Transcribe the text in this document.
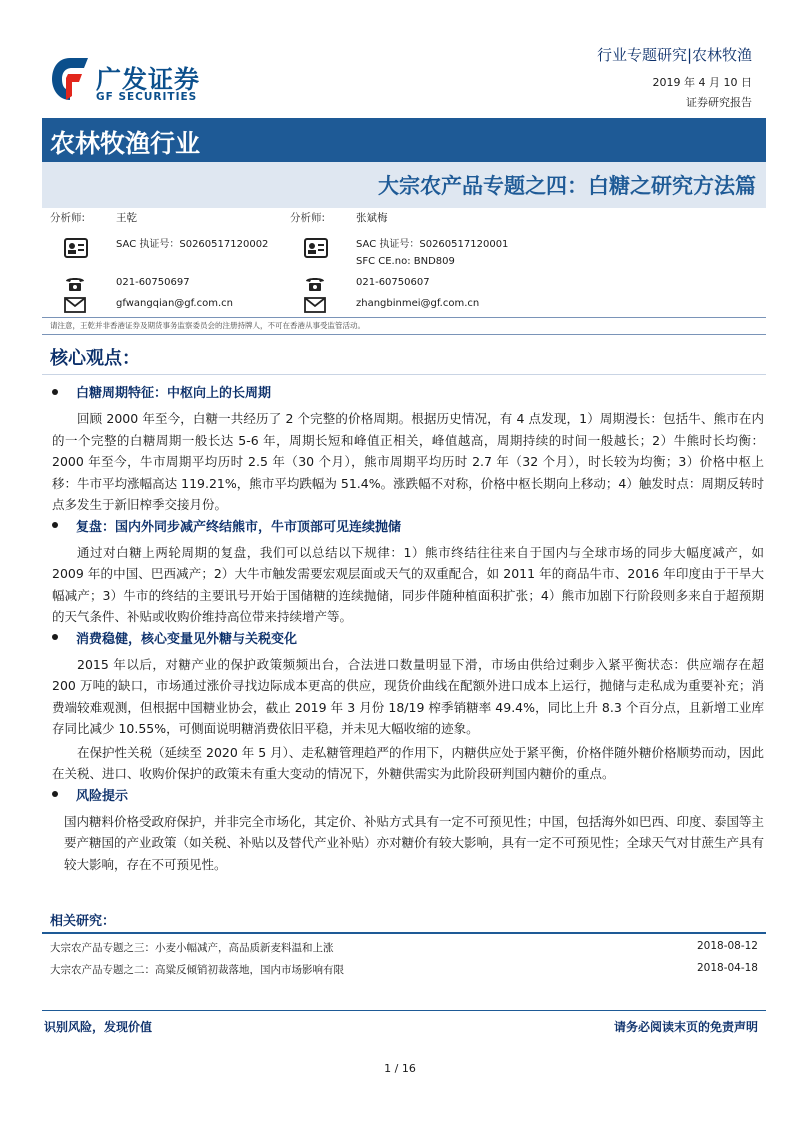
广发证券
GF SECURITIES
行业专题研究|农林牧渔
2019 年 4 月 10 日
证券研究报告
农林牧渔行业
大宗农产品专题之四：白糖之研究方法篇
分析师:	王乾
SAC 执证号：S0260517120002
021-60750697
gfwangqian@gf.com.cn
分析师:	张斌梅
SAC 执证号：S0260517120001
SFC CE.no: BND809
021-60750607
zhangbinmei@gf.com.cn
请注意，王乾并非香港证券及期货事务监察委员会的注册持牌人，不可在香港从事受监管活动。
核心观点：
白糖周期特征：中枢向上的长周期
回顾 2000 年至今，白糖一共经历了 2 个完整的价格周期。根据历史情况，有 4 点发现，1）周期漫长：包括牛、熊市在内的一个完整的白糖周期一般长达 5-6 年，周期长短和峰值正相关，峰值越高，周期持续的时间一般越长；2）牛熊时长均衡：2000 年至今，牛市周期平均历时 2.5 年（30 个月），熊市周期平均历时 2.7 年（32 个月），时长较为均衡；3）价格中枢上移：牛市平均涨幅高达 119.21%，熊市平均跌幅为 51.4%。涨跌幅不对称，价格中枢长期向上移动；4）触发时点：周期反转时点多发生于新旧榨季交接月份。
复盘：国内外同步减产终结熊市，牛市顶部可见连续抛储
通过对白糖上两轮周期的复盘，我们可以总结以下规律：1）熊市终结往往来自于国内与全球市场的同步大幅度减产，如 2009 年的中国、巴西减产；2）大牛市触发需要宏观层面或天气的双重配合，如 2011 年的商品牛市、2016 年印度由于干旱大幅减产；3）牛市的终结的主要讯号开始于国储糖的连续抛储，同步伴随种植面积扩张；4）熊市加剧下行阶段则多来自于超预期的天气条件、补贴或收购价维持高位带来持续增产等。
消费稳健，核心变量见外糖与关税变化
2015 年以后，对糖产业的保护政策频频出台，合法进口数量明显下滑，市场由供给过剩步入紧平衡状态：供应端存在超 200 万吨的缺口，市场通过涨价寻找边际成本更高的供应，现货价曲线在配额外进口成本上运行，抛储与走私成为重要补充；消费端较难观测，但根据中国糖业协会，截止 2019 年 3 月份 18/19 榨季销糖率 49.4%，同比上升 8.3 个百分点，且新增工业库存同比减少 10.55%，可侧面说明糖消费依旧平稳，并未见大幅收缩的迹象。
在保护性关税（延续至 2020 年 5 月）、走私糖管理趋严的作用下，内糖供应处于紧平衡，价格伴随外糖价格顺势而动，因此在关税、进口、收购价保护的政策未有重大变动的情况下，外糖供需实为此阶段研判国内糖价的重点。
风险提示
国内糖料价格受政府保护，并非完全市场化，其定价、补贴方式具有一定不可预见性；中国，包括海外如巴西、印度、泰国等主要产糖国的产业政策（如关税、补贴以及替代产业补贴）亦对糖价有较大影响，具有一定不可预见性；全球天气对甘蔗生产具有较大影响，存在不可预见性。
相关研究：
大宗农产品专题之三：小麦小幅减产，高品质新麦料温和上涨	2018-08-12
大宗农产品专题之二：高粱反倾销初裁落地，国内市场影响有限	2018-04-18
识别风险，发现价值	请务必阅读末页的免责声明
1 / 16
